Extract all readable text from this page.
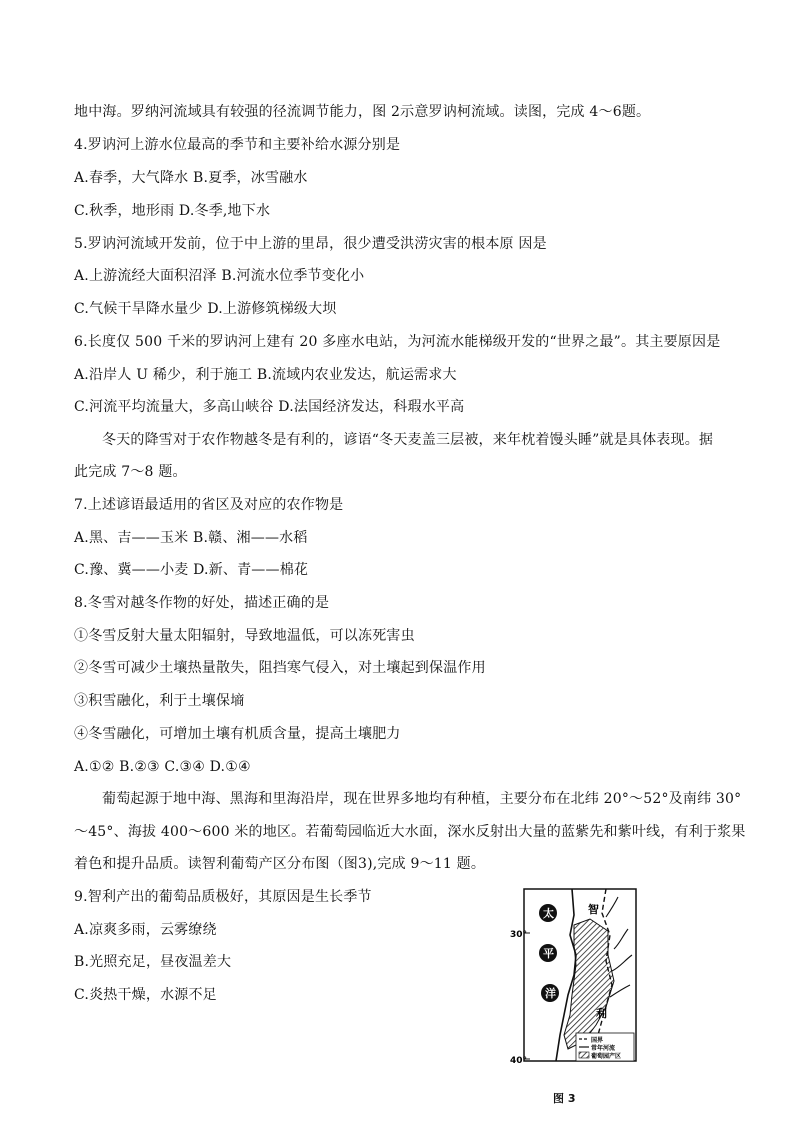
地中海。罗纳河流域具有较强的径流调节能力，图 2示意罗讷柯流域。读图，完成 4～6题。
4.罗讷河上游水位最高的季节和主要补给水源分别是
A.春季，大气降水 B.夏季，冰雪融水
C.秋季，地形雨 D.冬季,地下水
5.罗讷河流域开发前，位于中上游的里昂，很少遭受洪涝灾害的根本原 因是
A.上游流经大面积沼泽 B.河流水位季节变化小
C.气候干旱降水量少 D.上游修筑梯级大坝
6.长度仅 500 千米的罗讷河上建有 20 多座水电站，为河流水能梯级开发的“世界之最”。其主要原因是
A.沿岸人 U 稀少，利于施工 B.流域内农业发达，航运需求大
C.河流平均流量大，多高山峡谷 D.法国经济发达，科瑕水平高
冬天的降雪对于农作物越冬是有利的，谚语“冬天麦盖三层被，来年枕着馒头睡”就是具体表现。据
此完成 7～8 题。
7.上述谚语最适用的省区及对应的农作物是
A.黑、吉——玉米 B.赣、湘——水稻
C.豫、冀——小麦 D.新、青——棉花
8.冬雪对越冬作物的好处，描述正确的是
①冬雪反射大量太阳辐射，导致地温低，可以冻死害虫
②冬雪可减少土壤热量散失，阻挡寒气侵入，对土壤起到保温作用
③积雪融化，利于土壤保墒
④冬雪融化，可增加土壤有机质含量，提高土壤肥力
A.①② B.②③ C.③④ D.①④
葡萄起源于地中海、黑海和里海沿岸，现在世界多地均有种植，主要分布在北纬 20°～52°及南纬 30°
～45°、海拔 400～600 米的地区。若葡萄园临近大水面，深水反射出大量的蓝紫先和紫叶线，有利于浆果
着色和提升品质。读智利葡萄产区分布图（图3),完成 9～11 题。
9.智利产出的葡萄品质极好，其原因是生长季节
A.凉爽多雨，云雾缭绕
B.光照充足，昼夜温差大
C.炎热干燥，水源不足
30°
40°
太
平
洋
智
利
国界
常年河流
葡萄园产区
图 3
